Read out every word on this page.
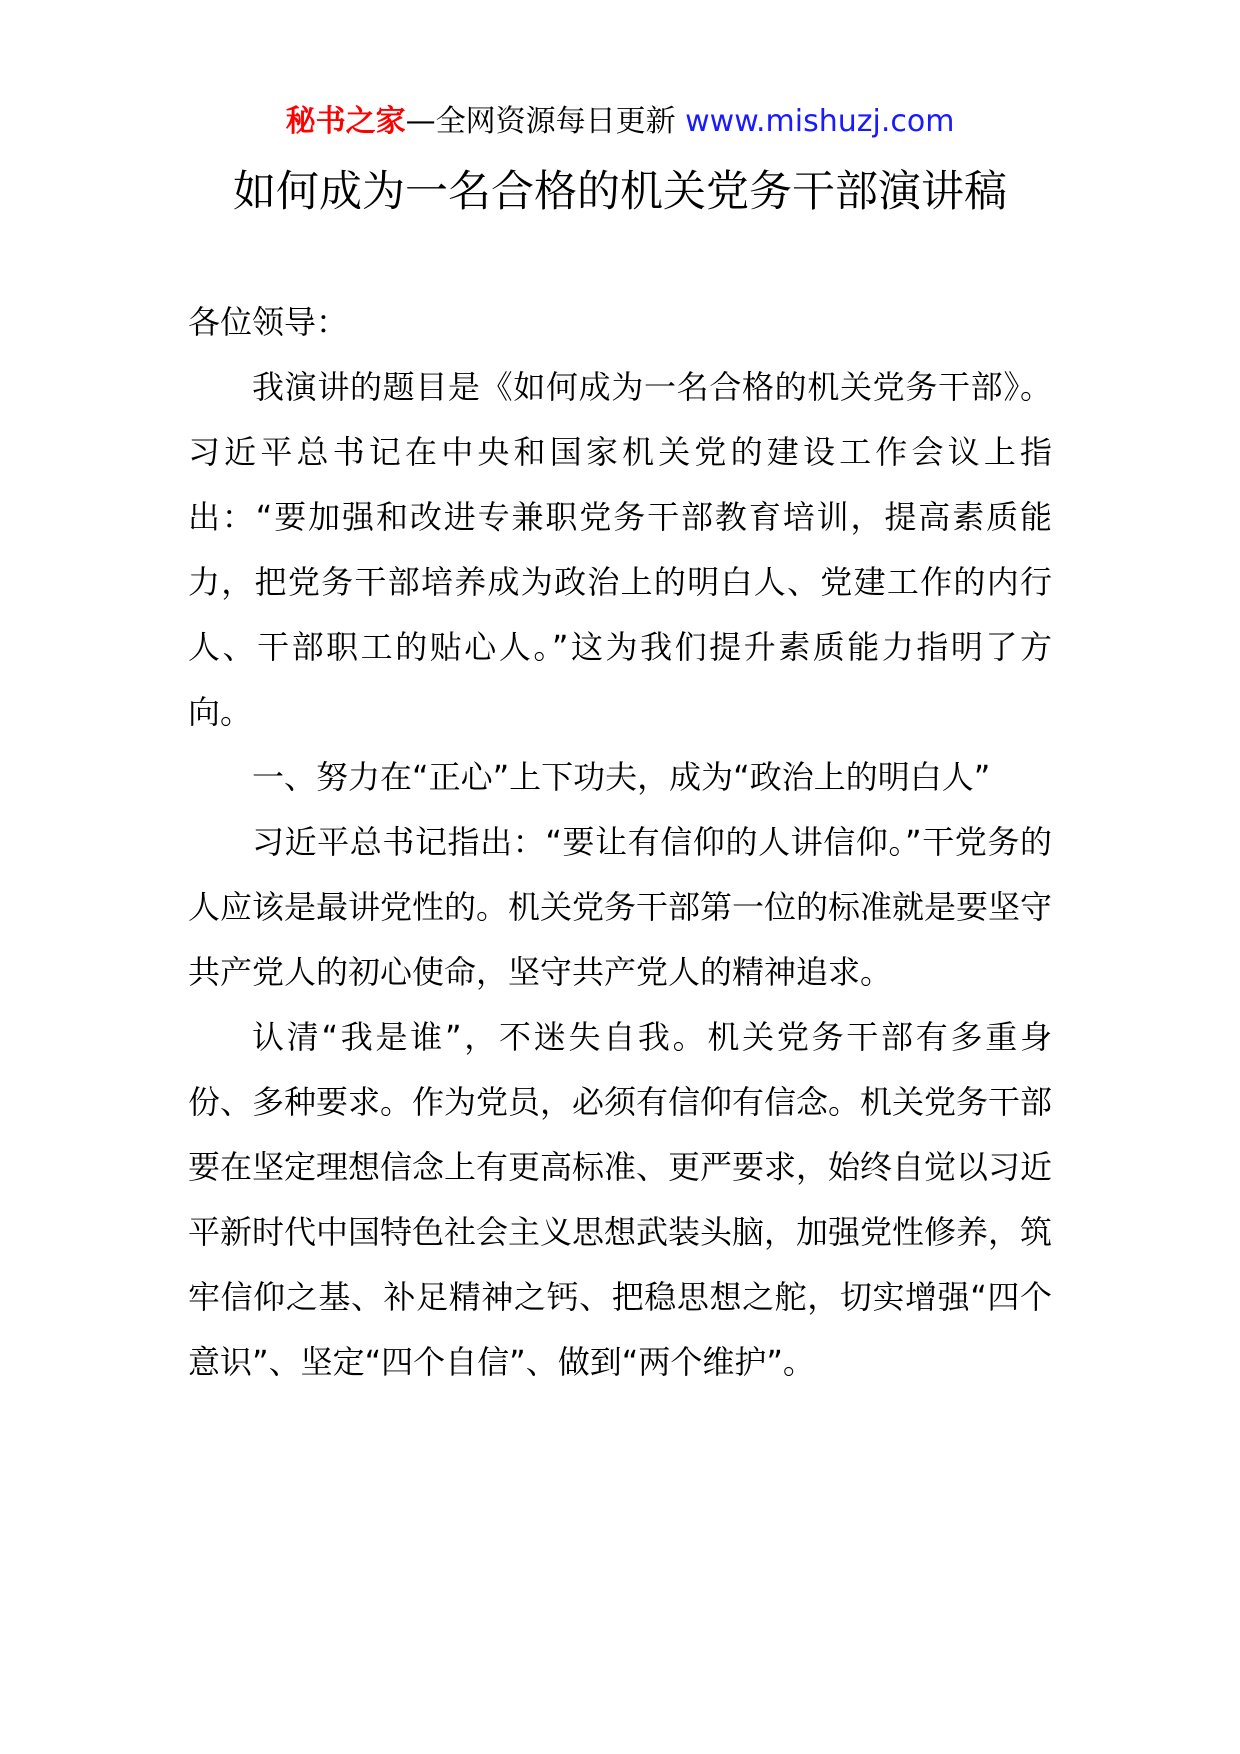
秘书之家—全网资源每日更新 www.mishuzj.com
如何成为一名合格的机关党务干部演讲稿

各位领导：

我演讲的题目是《如何成为一名合格的机关党务干部》。习近平总书记在中央和国家机关党的建设工作会议上指出：“要加强和改进专兼职党务干部教育培训，提高素质能力，把党务干部培养成为政治上的明白人、党建工作的内行人、干部职工的贴心人。”这为我们提升素质能力指明了方向。

一、努力在“正心”上下功夫，成为“政治上的明白人”

习近平总书记指出：“要让有信仰的人讲信仰。”干党务的人应该是最讲党性的。机关党务干部第一位的标准就是要坚守共产党人的初心使命，坚守共产党人的精神追求。

认清“我是谁”，不迷失自我。机关党务干部有多重身份、多种要求。作为党员，必须有信仰有信念。机关党务干部要在坚定理想信念上有更高标准、更严要求，始终自觉以习近平新时代中国特色社会主义思想武装头脑，加强党性修养，筑牢信仰之基、补足精神之钙、把稳思想之舵，切实增强“四个意识”、坚定“四个自信”、做到“两个维护”。
